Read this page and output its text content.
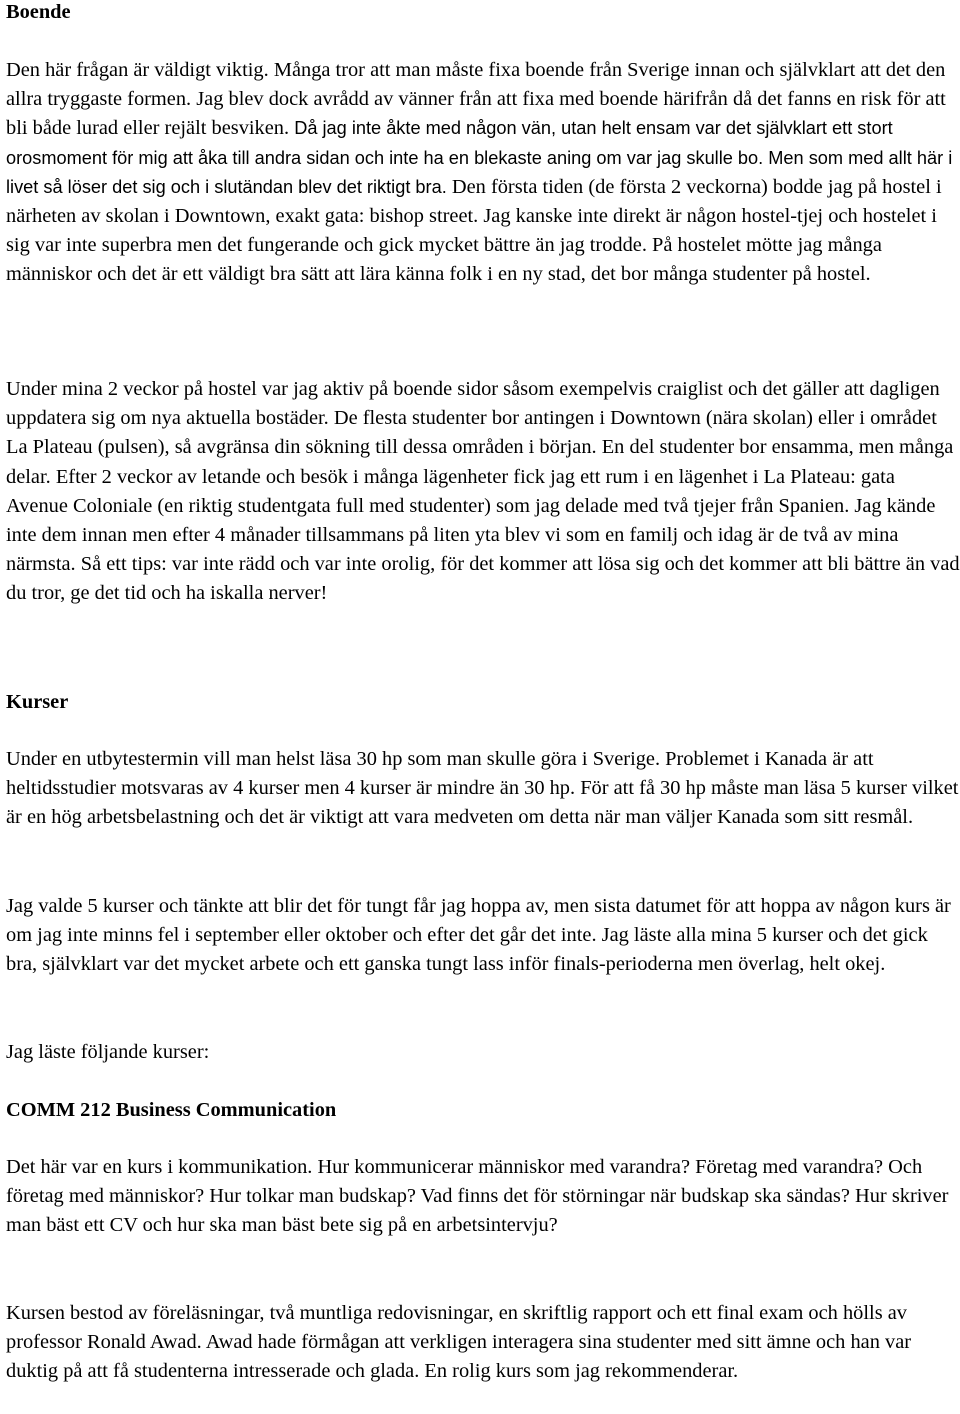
Boende

Den här frågan är väldigt viktig. Många tror att man måste fixa boende från Sverige innan och självklart att det den allra tryggaste formen. Jag blev dock avrådd av vänner från att fixa med boende härifrån då det fanns en risk för att bli både lurad eller rejält besviken. Då jag inte åkte med någon vän, utan helt ensam var det självklart ett stort orosmoment för mig att åka till andra sidan och inte ha en blekaste aning om var jag skulle bo. Men som med allt här i livet så löser det sig och i slutändan blev det riktigt bra. Den första tiden (de första 2 veckorna) bodde jag på hostel i närheten av skolan i Downtown, exakt gata: bishop street. Jag kanske inte direkt är någon hostel-tjej och hostelet i sig var inte superbra men det fungerande och gick mycket bättre än jag trodde. På hostelet mötte jag många människor och det är ett väldigt bra sätt att lära känna folk i en ny stad, det bor många studenter på hostel.

Under mina 2 veckor på hostel var jag aktiv på boende sidor såsom exempelvis craiglist och det gäller att dagligen uppdatera sig om nya aktuella bostäder. De flesta studenter bor antingen i Downtown (nära skolan) eller i området La Plateau (pulsen), så avgränsa din sökning till dessa områden i början. En del studenter bor ensamma, men många delar. Efter 2 veckor av letande och besök i många lägenheter fick jag ett rum i en lägenhet i La Plateau: gata Avenue Coloniale (en riktig studentgata full med studenter) som jag delade med två tjejer från Spanien. Jag kände inte dem innan men efter 4 månader tillsammans på liten yta blev vi som en familj och idag är de två av mina närmsta. Så ett tips: var inte rädd och var inte orolig, för det kommer att lösa sig och det kommer att bli bättre än vad du tror, ge det tid och ha iskalla nerver!

Kurser

Under en utbytestermin vill man helst läsa 30 hp som man skulle göra i Sverige. Problemet i Kanada är att heltidsstudier motsvaras av 4 kurser men 4 kurser är mindre än 30 hp. För att få 30 hp måste man läsa 5 kurser vilket är en hög arbetsbelastning och det är viktigt att vara medveten om detta när man väljer Kanada som sitt resmål.

Jag valde 5 kurser och tänkte att blir det för tungt får jag hoppa av, men sista datumet för att hoppa av någon kurs är om jag inte minns fel i september eller oktober och efter det går det inte. Jag läste alla mina 5 kurser och det gick bra, självklart var det mycket arbete och ett ganska tungt lass inför finals-perioderna men överlag, helt okej.

Jag läste följande kurser:

COMM 212 Business Communication

Det här var en kurs i kommunikation. Hur kommunicerar människor med varandra? Företag med varandra? Och företag med människor? Hur tolkar man budskap? Vad finns det för störningar när budskap ska sändas? Hur skriver man bäst ett CV och hur ska man bäst bete sig på en arbetsintervju?

Kursen bestod av föreläsningar, två muntliga redovisningar, en skriftlig rapport och ett final exam och hölls av professor Ronald Awad. Awad hade förmågan att verkligen interagera sina studenter med sitt ämne och han var duktig på att få studenterna intresserade och glada. En rolig kurs som jag rekommenderar.
